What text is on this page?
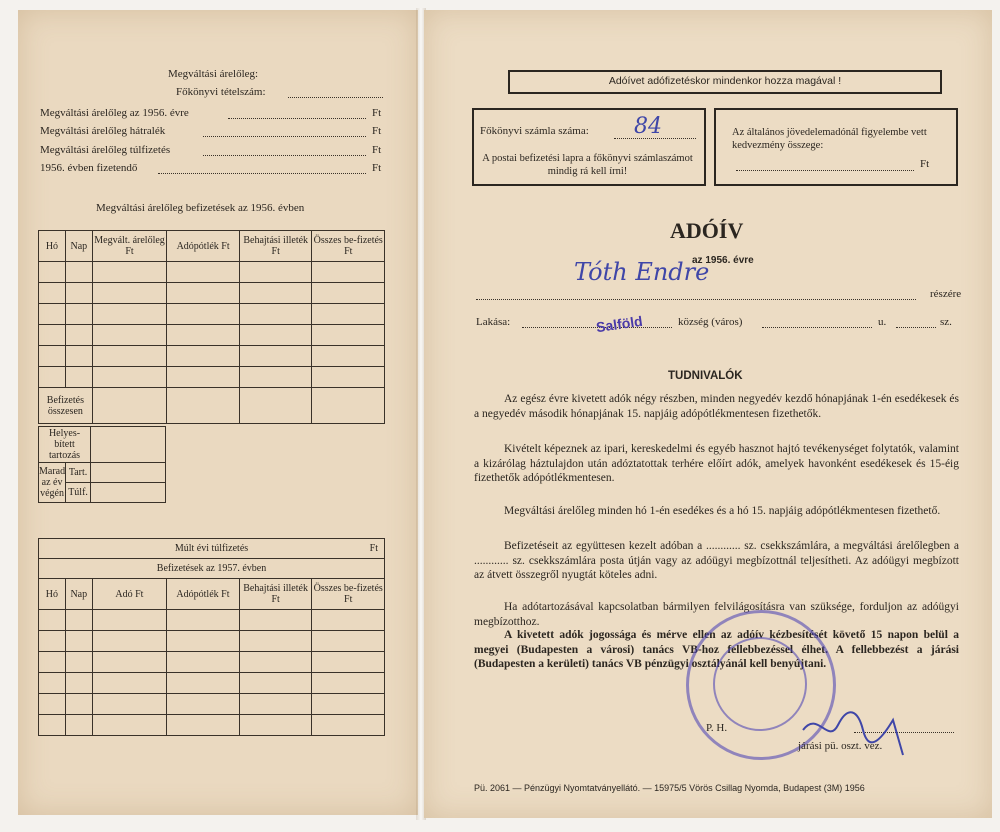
Megváltási árelőleg:
Főkönyvi tételszám:
Megváltási árelőleg az 1956. évre	Ft
Megváltási árelőleg hátralék	Ft
Megváltási árelőleg túlfizetés	Ft
1956. évben fizetendő	Ft
Megváltási árelőleg befizetések az 1956. évben
Hó	Nap	Megvált. árelőleg Ft	Adópótlék Ft	Behajtási illeték Ft	Összes be-fizetés Ft

Befizetés összesen					
Helyes-bített tartozás		
Marad az év végén	Tart.	
	Túlf.	
Múlt évi túlfizetés Ft					

Befizetések az 1957. évben					
Hó	Nap	Adó Ft	Adópótlék Ft	Behajtási illeték Ft	Összes be-fizetés Ft

Adóívet adófizetéskor mindenkor hozza magával !
Főkönyvi számla száma: 84
A postai befizetési lapra a főkönyvi számlaszámot mindig rá kell írni!
Az általános jövedelemadónál figyelembe vett kedvezmény összege:
Ft
ADÓÍV
az 1956. évre
Tóth Endre
részére
Lakása:	Salföld	község (város)	u.	sz.
TUDNIVALÓK
Az egész évre kivetett adók négy részben, minden negyedév kezdő hónapjának 1-én esedékesek és a negyedév második hónapjának 15. napjáig adópótlékmentesen fizethetők.
Kivételt képeznek az ipari, kereskedelmi és egyéb hasznot hajtó tevékenységet folytatók, valamint a kizárólag háztulajdon után adóztatottak terhére előírt adók, amelyek havonként esedékesek és 15-éig fizethetők adópótlékmentesen.
Megváltási árelőleg minden hó 1-én esedékes és a hó 15. napjáig adópótlékmentesen fizethető.
Befizetéseit az együttesen kezelt adóban a ............ sz. csekkszámlára, a megváltási árelőlegben a ............ sz. csekkszámlára posta útján vagy az adóügyi megbízottnál teljesítheti. Az adóügyi megbízott az átvett összegről nyugtát köteles adni.
Ha adótartozásával kapcsolatban bármilyen felvilágosításra van szüksége, forduljon az adóügyi megbízotthoz.
A kivetett adók jogossága és mérve ellen az adóív kézbesítését követő 15 napon belül a megyei (Budapesten a városi) tanács VB-hoz fellebbezéssel élhet. A fellebbezést a járási (Budapesten a kerületi) tanács VB pénzügyi osztályánál kell benyújtani.
P. H.
járási pü. oszt. vez.
Pü. 2061 — Pénzügyi Nyomtatványellátó. — 15975/5 Vörös Csillag Nyomda, Budapest (3M) 1956
